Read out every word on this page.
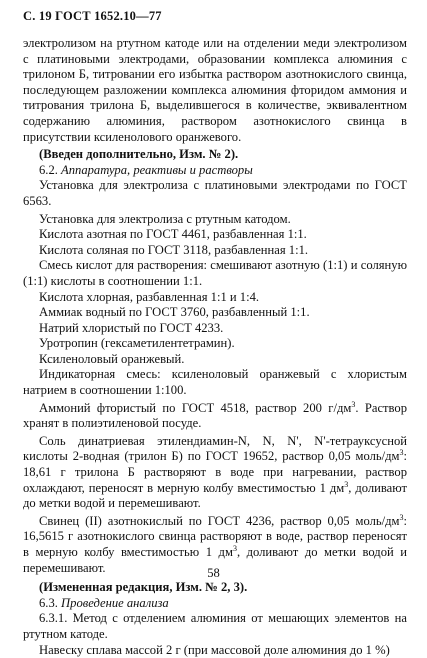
С. 19 ГОСТ 1652.10—77

электролизом на ртутном катоде или на отделении меди электролизом с платиновыми электродами, образовании комплекса алюминия с трилоном Б, титровании его избытка раствором азотнокислого свинца, последующем разложении комплекса алюминия фторидом аммония и титрования трилона Б, выделившегося в количестве, эквивалентном содержанию алюминия, раствором азотнокислого свинца в присутствии ксиленолового оранжевого.

(Введен дополнительно, Изм. № 2).

6.2. Аппаратура, реактивы и растворы

Установка для электролиза с платиновыми электродами по ГОСТ 6563.

Установка для электролиза с ртутным катодом.

Кислота азотная по ГОСТ 4461, разбавленная 1:1.

Кислота соляная по ГОСТ 3118, разбавленная 1:1.

Смесь кислот для растворения: смешивают азотную (1:1) и соляную (1:1) кислоты в соотношении 1:1.

Кислота хлорная, разбавленная 1:1 и 1:4.

Аммиак водный по ГОСТ 3760, разбавленный 1:1.

Натрий хлористый по ГОСТ 4233.

Уротропин (гексаметилентетрамин).

Ксиленоловый оранжевый.

Индикаторная смесь: ксиленоловый оранжевый с хлористым натрием в соотношении 1:100.

Аммоний фтористый по ГОСТ 4518, раствор 200 $г/дм^3$. Раствор хранят в полиэтиленовой посуде.

Соль динатриевая этилендиамин-N, N, N', N'-тетрауксусной кислоты 2-водная (трилон Б) по ГОСТ 19652, раствор 0,05 моль/$дм^3$: 18,61 г трилона Б растворяют в воде при нагревании, раствор охлаждают, переносят в мерную колбу вместимостью 1 $дм^3$, доливают до метки водой и перемешивают.

Свинец (II) азотнокислый по ГОСТ 4236, раствор 0,05 моль/$дм^3$: 16,5615 г азотнокислого свинца растворяют в воде, раствор переносят в мерную колбу вместимостью 1 $дм^3$, доливают до метки водой и перемешивают.

(Измененная редакция, Изм. № 2, 3).

6.3. Проведение анализа

6.3.1. Метод с отделением алюминия от мешающих элементов на ртутном катоде.

Навеску сплава массой 2 г (при массовой доле алюминия до 1 %)

58
